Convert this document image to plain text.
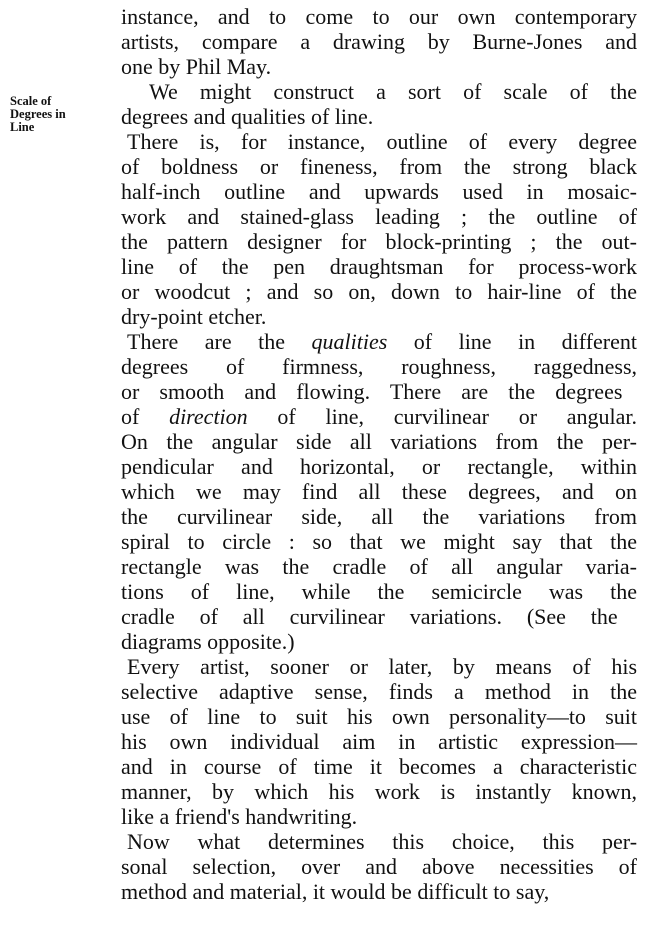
Scale of
Degrees in
Line
instance, and to come to our own contemporary
artists, compare a drawing by Burne-Jones and
one by Phil May.
We might construct a sort of scale of the
degrees and qualities of line.
There is, for instance, outline of every degree
of boldness or fineness, from the strong black
half-inch outline and upwards used in mosaic-
work and stained-glass leading ; the outline of
the pattern designer for block-printing ; the out-
line of the pen draughtsman for process-work
or woodcut ; and so on, down to hair-line of the
dry-point etcher.
There are the qualities of line in different
degrees of firmness, roughness, raggedness,
or smooth and flowing. There are the degrees
of direction of line, curvilinear or angular.
On the angular side all variations from the per-
pendicular and horizontal, or rectangle, within
which we may find all these degrees, and on
the curvilinear side, all the variations from
spiral to circle : so that we might say that the
rectangle was the cradle of all angular varia-
tions of line, while the semicircle was the
cradle of all curvilinear variations. (See the
diagrams opposite.)
Every artist, sooner or later, by means of his
selective adaptive sense, finds a method in the
use of line to suit his own personality—to suit
his own individual aim in artistic expression—
and in course of time it becomes a characteristic
manner, by which his work is instantly known,
like a friend's handwriting.
Now what determines this choice, this per-
sonal selection, over and above necessities of
method and material, it would be difficult to say,
